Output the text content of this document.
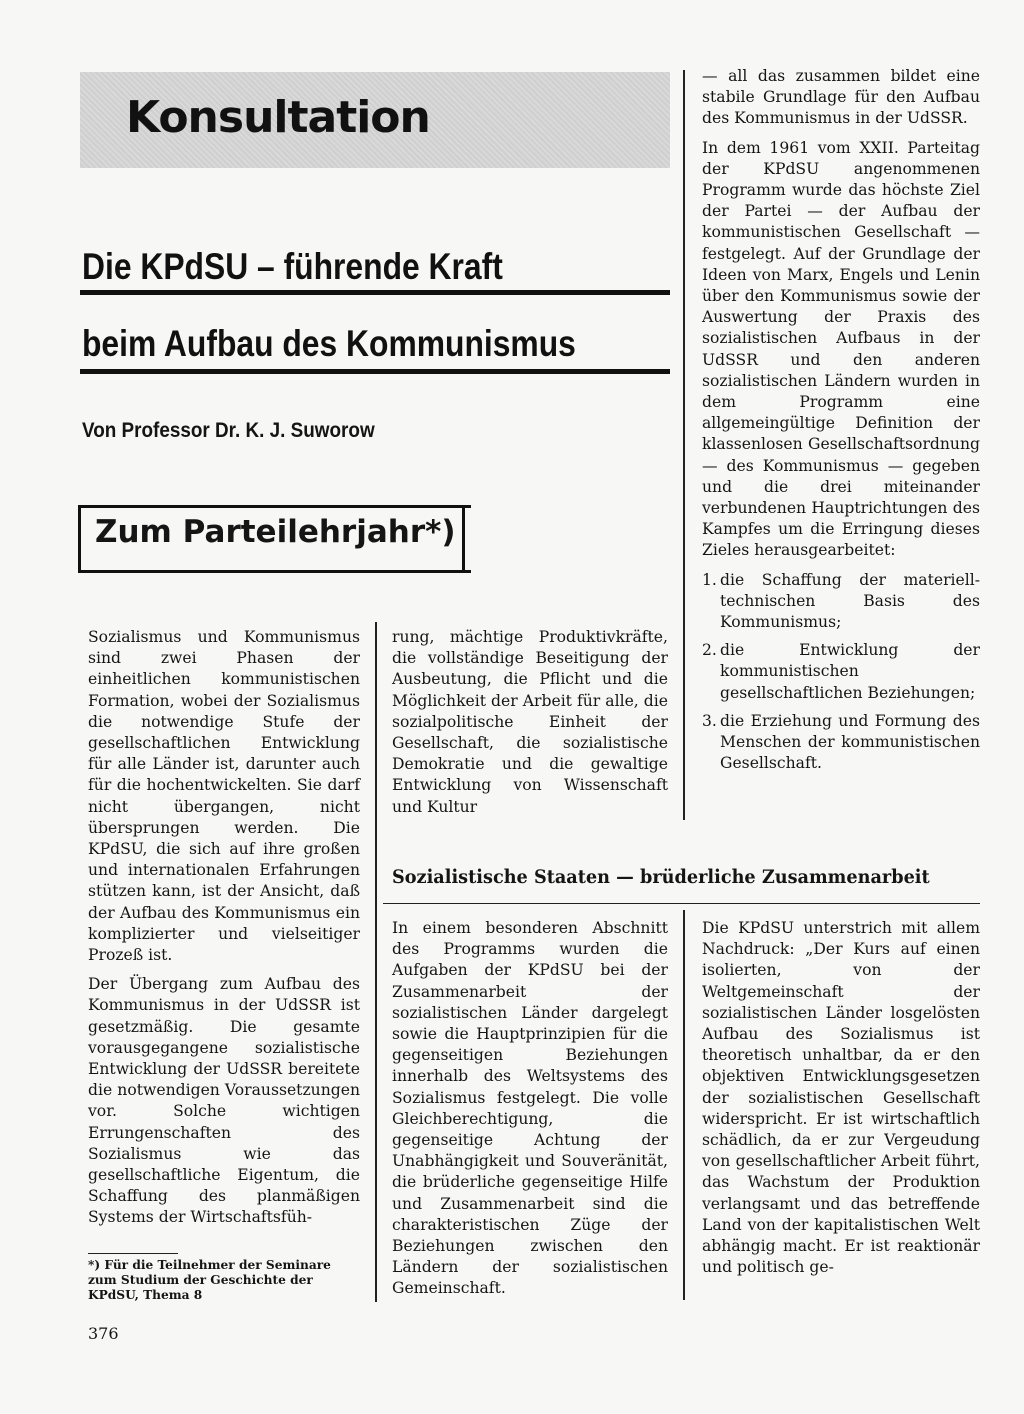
Konsultation
Die KPdSU – führende Kraft
beim Aufbau des Kommunismus
Von Professor Dr. K. J. Suworow
Zum Parteilehrjahr*)

— all das zusammen bildet eine stabile Grundlage für den Aufbau des Kommunismus in der UdSSR.

In dem 1961 vom XXII. Parteitag der KPdSU angenommenen Programm wurde das höchste Ziel der Partei — der Aufbau der kommunistischen Gesellschaft — festgelegt. Auf der Grundlage der Ideen von Marx, Engels und Lenin über den Kommunismus sowie der Auswertung der Praxis des sozialistischen Aufbaus in der UdSSR und den anderen sozialistischen Ländern wurden in dem Programm eine allgemeingültige Definition der klassenlosen Gesellschaftsordnung — des Kommunismus — gegeben und die drei miteinander verbundenen Hauptrichtungen des Kampfes um die Erringung dieses Zieles herausgearbeitet:

1. die Schaffung der materiell-technischen Basis des Kommunismus;
2. die Entwicklung der kommunistischen gesellschaftlichen Beziehungen;
3. die Erziehung und Formung des Menschen der kommunistischen Gesellschaft.

Sozialismus und Kommunismus sind zwei Phasen der einheitlichen kommunistischen Formation, wobei der Sozialismus die notwendige Stufe der gesellschaftlichen Entwicklung für alle Länder ist, darunter auch für die hochentwickelten. Sie darf nicht übergangen, nicht übersprungen werden. Die KPdSU, die sich auf ihre großen und internationalen Erfahrungen stützen kann, ist der Ansicht, daß der Aufbau des Kommunismus ein komplizierter und vielseitiger Prozeß ist.

Der Übergang zum Aufbau des Kommunismus in der UdSSR ist gesetzmäßig. Die gesamte vorausgegangene sozialistische Entwicklung der UdSSR bereitete die notwendigen Voraussetzungen vor. Solche wichtigen Errungenschaften des Sozialismus wie das gesellschaftliche Eigentum, die Schaffung des planmäßigen Systems der Wirtschaftsfüh-

*) Für die Teilnehmer der Seminare zum Studium der Geschichte der KPdSU, Thema 8

rung, mächtige Produktivkräfte, die vollständige Beseitigung der Ausbeutung, die Pflicht und die Möglichkeit der Arbeit für alle, die sozialpolitische Einheit der Gesellschaft, die sozialistische Demokratie und die gewaltige Entwicklung von Wissenschaft und Kultur

Sozialistische Staaten — brüderliche Zusammenarbeit

In einem besonderen Abschnitt des Programms wurden die Aufgaben der KPdSU bei der Zusammenarbeit der sozialistischen Länder dargelegt sowie die Hauptprinzipien für die gegenseitigen Beziehungen innerhalb des Weltsystems des Sozialismus festgelegt. Die volle Gleichberechtigung, die gegenseitige Achtung der Unabhängigkeit und Souveränität, die brüderliche gegenseitige Hilfe und Zusammenarbeit sind die charakteristischen Züge der Beziehungen zwischen den Ländern der sozialistischen Gemeinschaft.

Die KPdSU unterstrich mit allem Nachdruck: „Der Kurs auf einen isolierten, von der Weltgemeinschaft der sozialistischen Länder losgelösten Aufbau des Sozialismus ist theoretisch unhaltbar, da er den objektiven Entwicklungsgesetzen der sozialistischen Gesellschaft widerspricht. Er ist wirtschaftlich schädlich, da er zur Vergeudung von gesellschaftlicher Arbeit führt, das Wachstum der Produktion verlangsamt und das betreffende Land von der kapitalistischen Welt abhängig macht. Er ist reaktionär und politisch ge-

376
